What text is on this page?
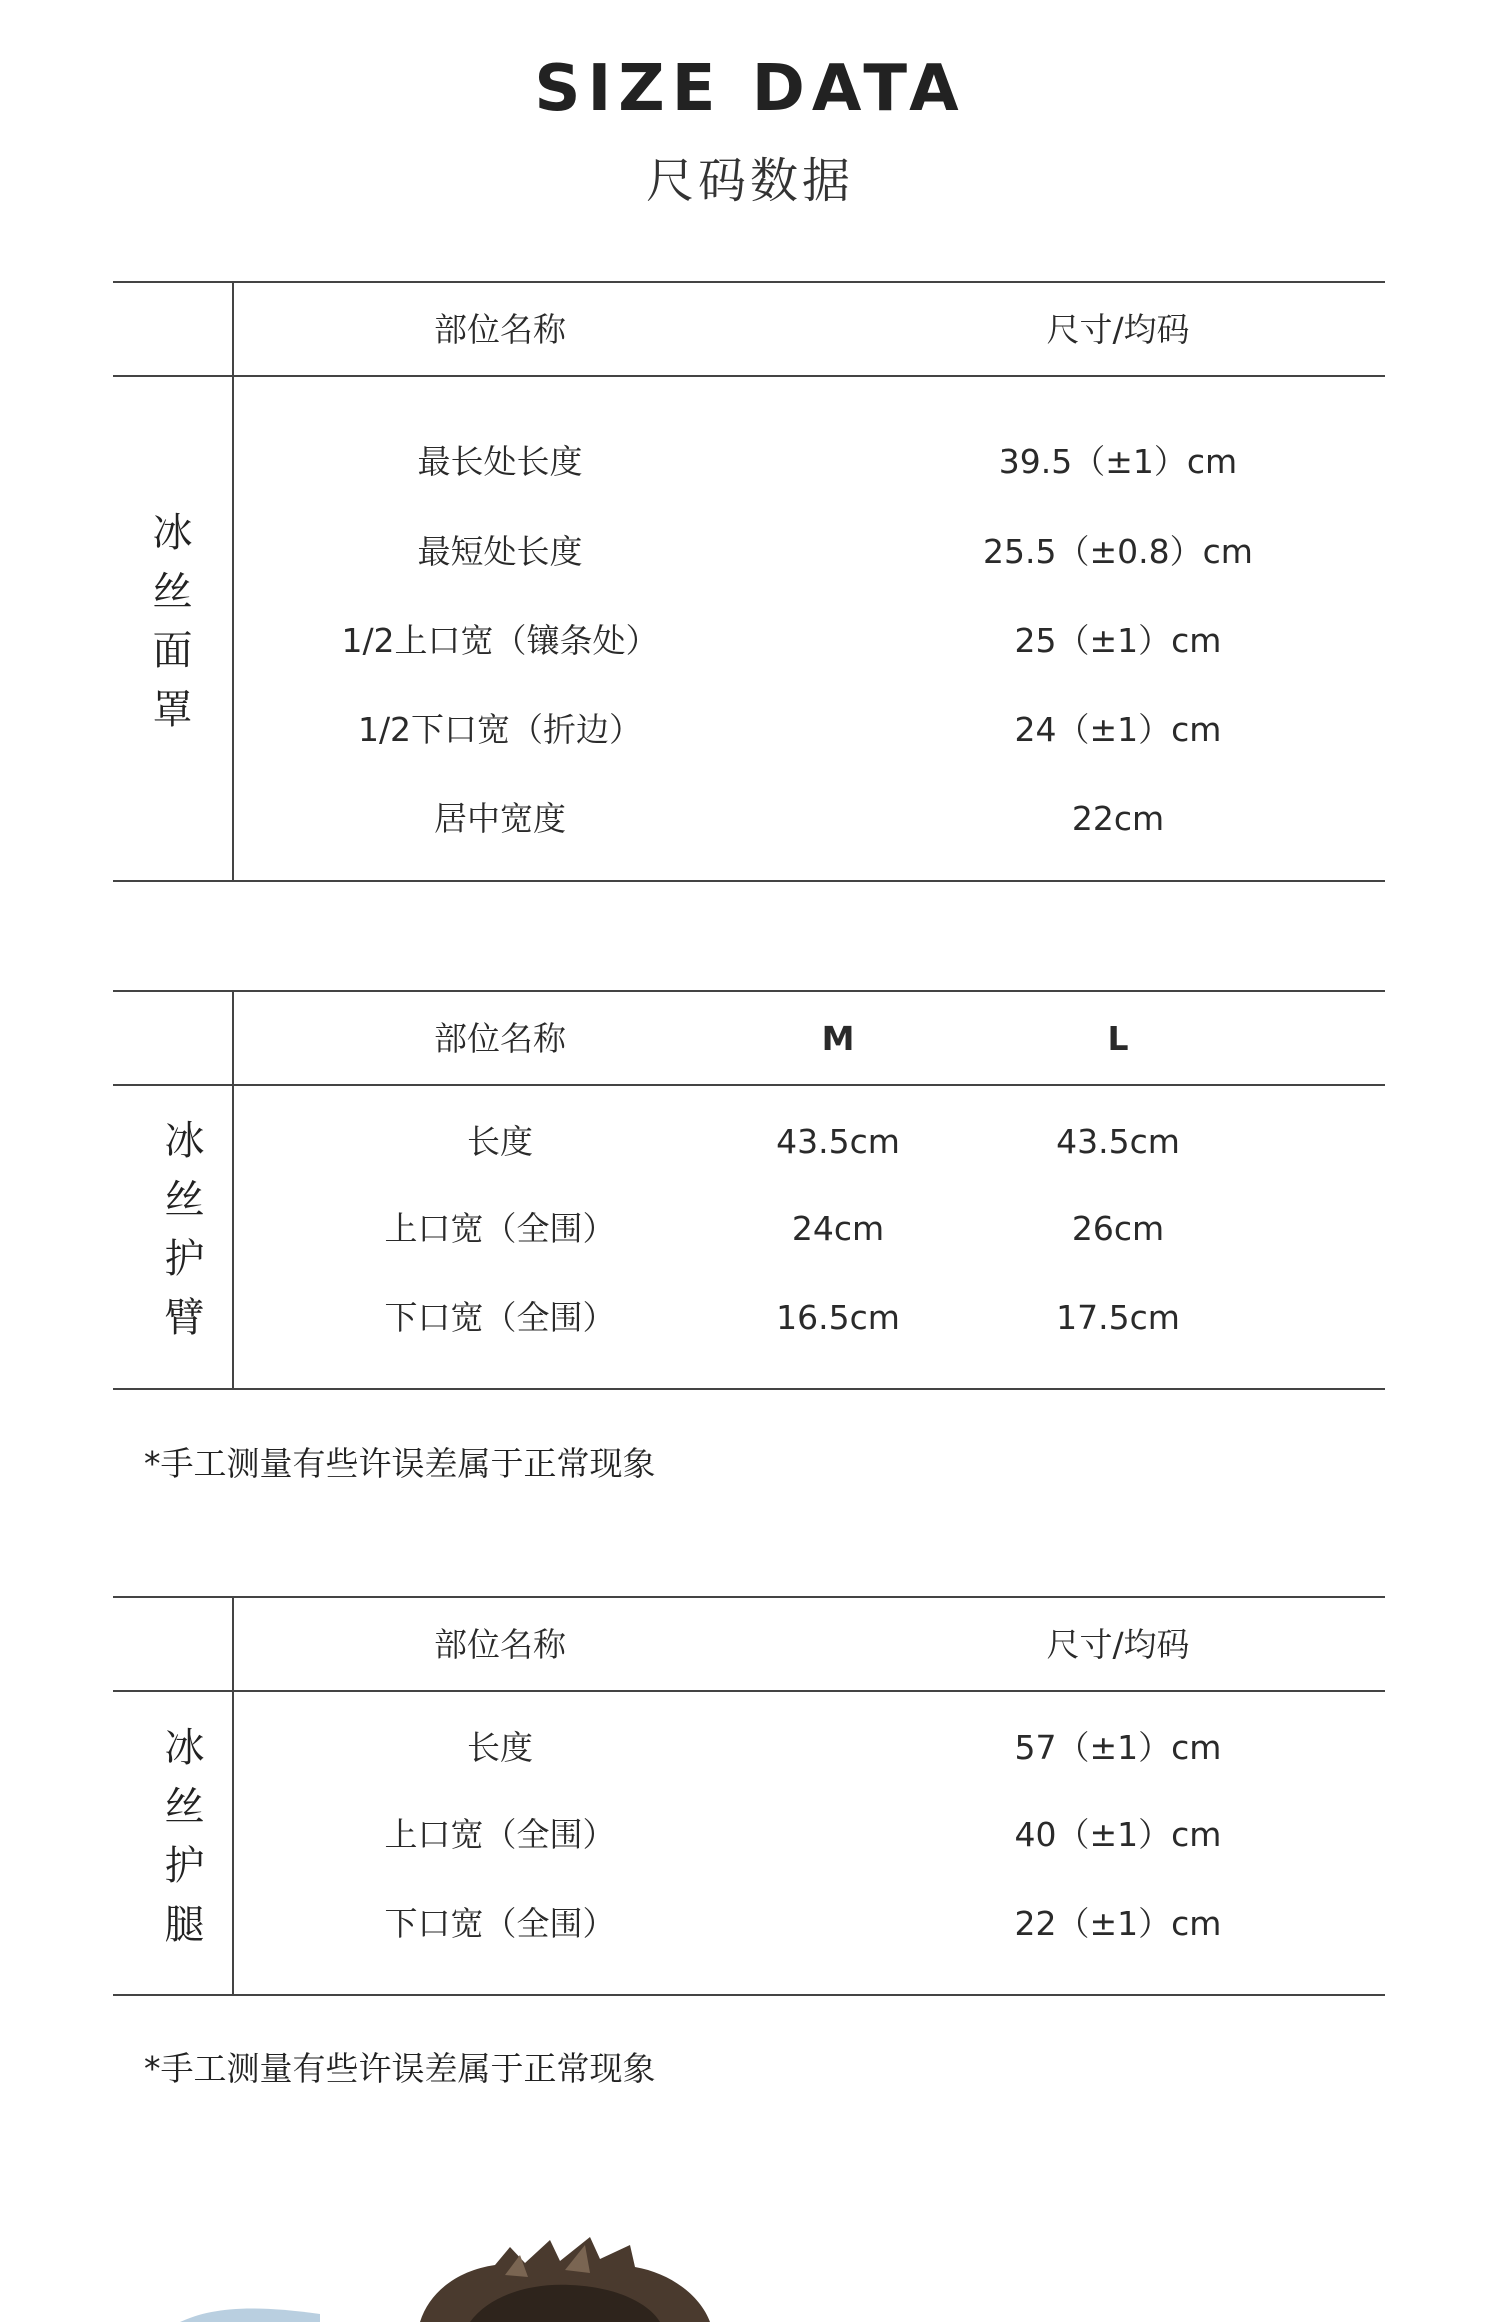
SIZE DATA
尺码数据
冰
丝
面
罩
部位名称	尺寸/均码
最长处长度	39.5（±1）cm
最短处长度	25.5（±0.8）cm
1/2上口宽（镶条处）	25（±1）cm
1/2下口宽（折边）	24（±1）cm
居中宽度	22cm
冰
丝
护
臂
部位名称	M	L
长度	43.5cm	43.5cm
上口宽（全围）	24cm	26cm
下口宽（全围）	16.5cm	17.5cm
*手工测量有些许误差属于正常现象
冰
丝
护
腿
部位名称	尺寸/均码
长度	57（±1）cm
上口宽（全围）	40（±1）cm
下口宽（全围）	22（±1）cm
*手工测量有些许误差属于正常现象
